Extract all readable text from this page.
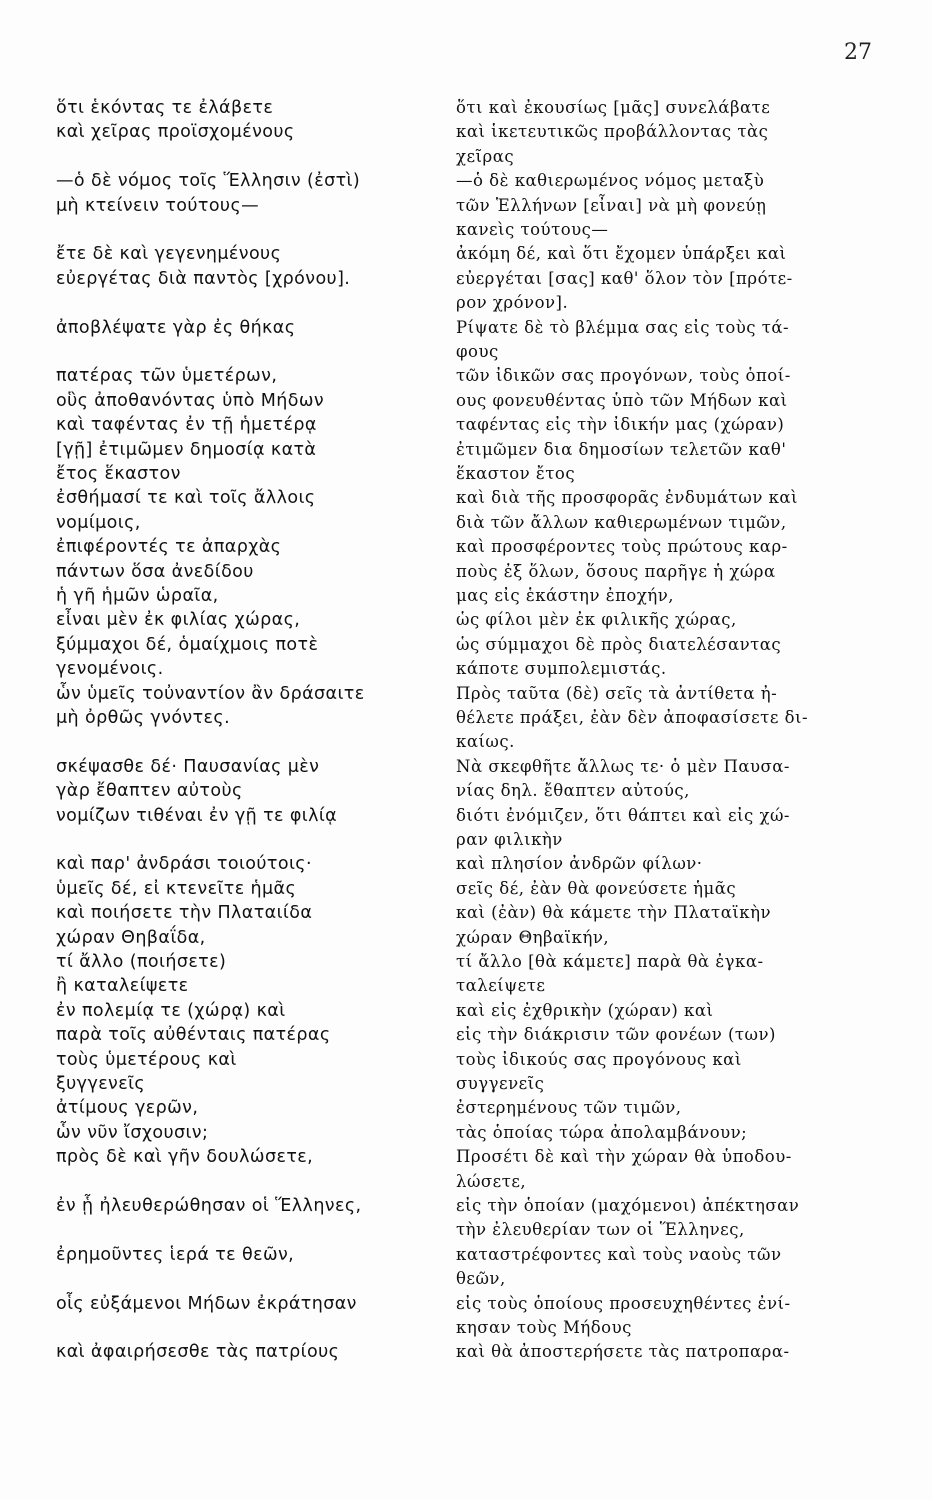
27
ὅτι ἑκόντας τε ἐλάβετε
καὶ χεῖρας προϊσχομένους
—ὁ δὲ νόμος τοῖς Ἕλλησιν (ἐστὶ)
μὴ κτείνειν τούτους—
ἔτε δὲ καὶ γεγενημένους
εὐεργέτας διὰ παντὸς [χρόνου].
ἀποβλέψατε γὰρ ἐς θήκας
πατέρας τῶν ὑμετέρων,
οὓς ἀποθανόντας ὑπὸ Μήδων
καὶ ταφέντας ἐν τῇ ἡμετέρᾳ
[γῇ] ἐτιμῶμεν δημοσίᾳ κατὰ
ἔτος ἕκαστον
ἐσθήμασί τε καὶ τοῖς ἄλλοις
νομίμοις,
ἐπιφέροντές τε ἀπαρχὰς
πάντων ὅσα ἀνεδίδου
ἡ γῆ ἡμῶν ὡραῖα,
εἶναι μὲν ἐκ φιλίας χώρας,
ξύμμαχοι δέ, ὁμαίχμοις ποτὲ
γενομένοις.
ὧν ὑμεῖς τοὐναντίον ἂν δράσαιτε
μὴ ὀρθῶς γνόντες.
σκέψασθε δέ· Παυσανίας μὲν
γὰρ ἔθαπτεν αὐτοὺς
νομίζων τιθέναι ἐν γῇ τε φιλίᾳ
καὶ παρ' ἀνδράσι τοιούτοις·
ὑμεῖς δέ, εἰ κτενεῖτε ἡμᾶς
καὶ ποιήσετε τὴν Πλαταιίδα
χώραν Θηβαΐδα,
τί ἄλλο (ποιήσετε)
ἢ καταλείψετε
ἐν πολεμίᾳ τε (χώρᾳ) καὶ
παρὰ τοῖς αὐθένταις πατέρας
τοὺς ὑμετέρους καὶ
ξυγγενεῖς
ἀτίμους γερῶν,
ὧν νῦν ἴσχουσιν;
πρὸς δὲ καὶ γῆν δουλώσετε,
ἐν ᾗ ἠλευθερώθησαν οἱ Ἕλληνες,
ἐρημοῦντες ἱερά τε θεῶν,
οἷς εὐξάμενοι Μήδων ἐκράτησαν
καὶ ἀφαιρήσεσθε τὰς πατρίους
ὅτι καὶ ἐκουσίως [μᾶς] συνελάβατε
καὶ ἱκετευτικῶς προβάλλοντας τὰς
χεῖρας
—ὁ δὲ καθιερωμένος νόμος μεταξὺ
τῶν Ἑλλήνων [εἶναι] νὰ μὴ φονεύῃ
κανεὶς τούτους—
ἀκόμη δέ, καὶ ὅτι ἔχομεν ὑπάρξει καὶ
εὐεργέται [σας] καθ' ὅλον τὸν [πρότε-
ρον χρόνον].
Ρίψατε δὲ τὸ βλέμμα σας εἰς τοὺς τά-
φους
τῶν ἰδικῶν σας προγόνων, τοὺς ὁποί-
ους φονευθέντας ὑπὸ τῶν Μήδων καὶ
ταφέντας εἰς τὴν ἰδικήν μας (χώραν)
ἐτιμῶμεν δια δημοσίων τελετῶν καθ'
ἕκαστον ἔτος
καὶ διὰ τῆς προσφορᾶς ἐνδυμάτων καὶ
διὰ τῶν ἄλλων καθιερωμένων τιμῶν,
καὶ προσφέροντες τοὺς πρώτους καρ-
ποὺς ἐξ ὅλων, ὅσους παρῆγε ἡ χώρα
μας εἰς ἑκάστην ἐποχήν,
ὡς φίλοι μὲν ἐκ φιλικῆς χώρας,
ὡς σύμμαχοι δὲ πρὸς διατελέσαντας
κάποτε συμπολεμιστάς.
Πρὸς ταῦτα (δὲ) σεῖς τὰ ἀντίθετα ἠ-
θέλετε πράξει, ἐὰν δὲν ἀποφασίσετε δι-
καίως.
Νὰ σκεφθῆτε ἄλλως τε· ὁ μὲν Παυσα-
νίας δηλ. ἔθαπτεν αὐτούς,
διότι ἐνόμιζεν, ὅτι θάπτει καὶ εἰς χώ-
ραν φιλικὴν
καὶ πλησίον ἀνδρῶν φίλων·
σεῖς δέ, ἐὰν θὰ φονεύσετε ἡμᾶς
καὶ (ἐὰν) θὰ κάμετε τὴν Πλαταϊκὴν
χώραν Θηβαϊκήν,
τί ἄλλο [θὰ κάμετε] παρὰ θὰ ἐγκα-
ταλείψετε
καὶ εἰς ἐχθρικὴν (χώραν) καὶ
εἰς τὴν διάκρισιν τῶν φονέων (των)
τοὺς ἰδικούς σας προγόνους καὶ
συγγενεῖς
ἐστερημένους τῶν τιμῶν,
τὰς ὁποίας τώρα ἀπολαμβάνουν;
Προσέτι δὲ καὶ τὴν χώραν θὰ ὑποδου-
λώσετε,
εἰς τὴν ὁποίαν (μαχόμενοι) ἀπέκτησαν
τὴν ἐλευθερίαν των οἱ Ἕλληνες,
καταστρέφοντες καὶ τοὺς ναοὺς τῶν
θεῶν,
εἰς τοὺς ὁποίους προσευχηθέντες ἐνί-
κησαν τοὺς Μήδους
καὶ θὰ ἀποστερήσετε τὰς πατροπαρα-
